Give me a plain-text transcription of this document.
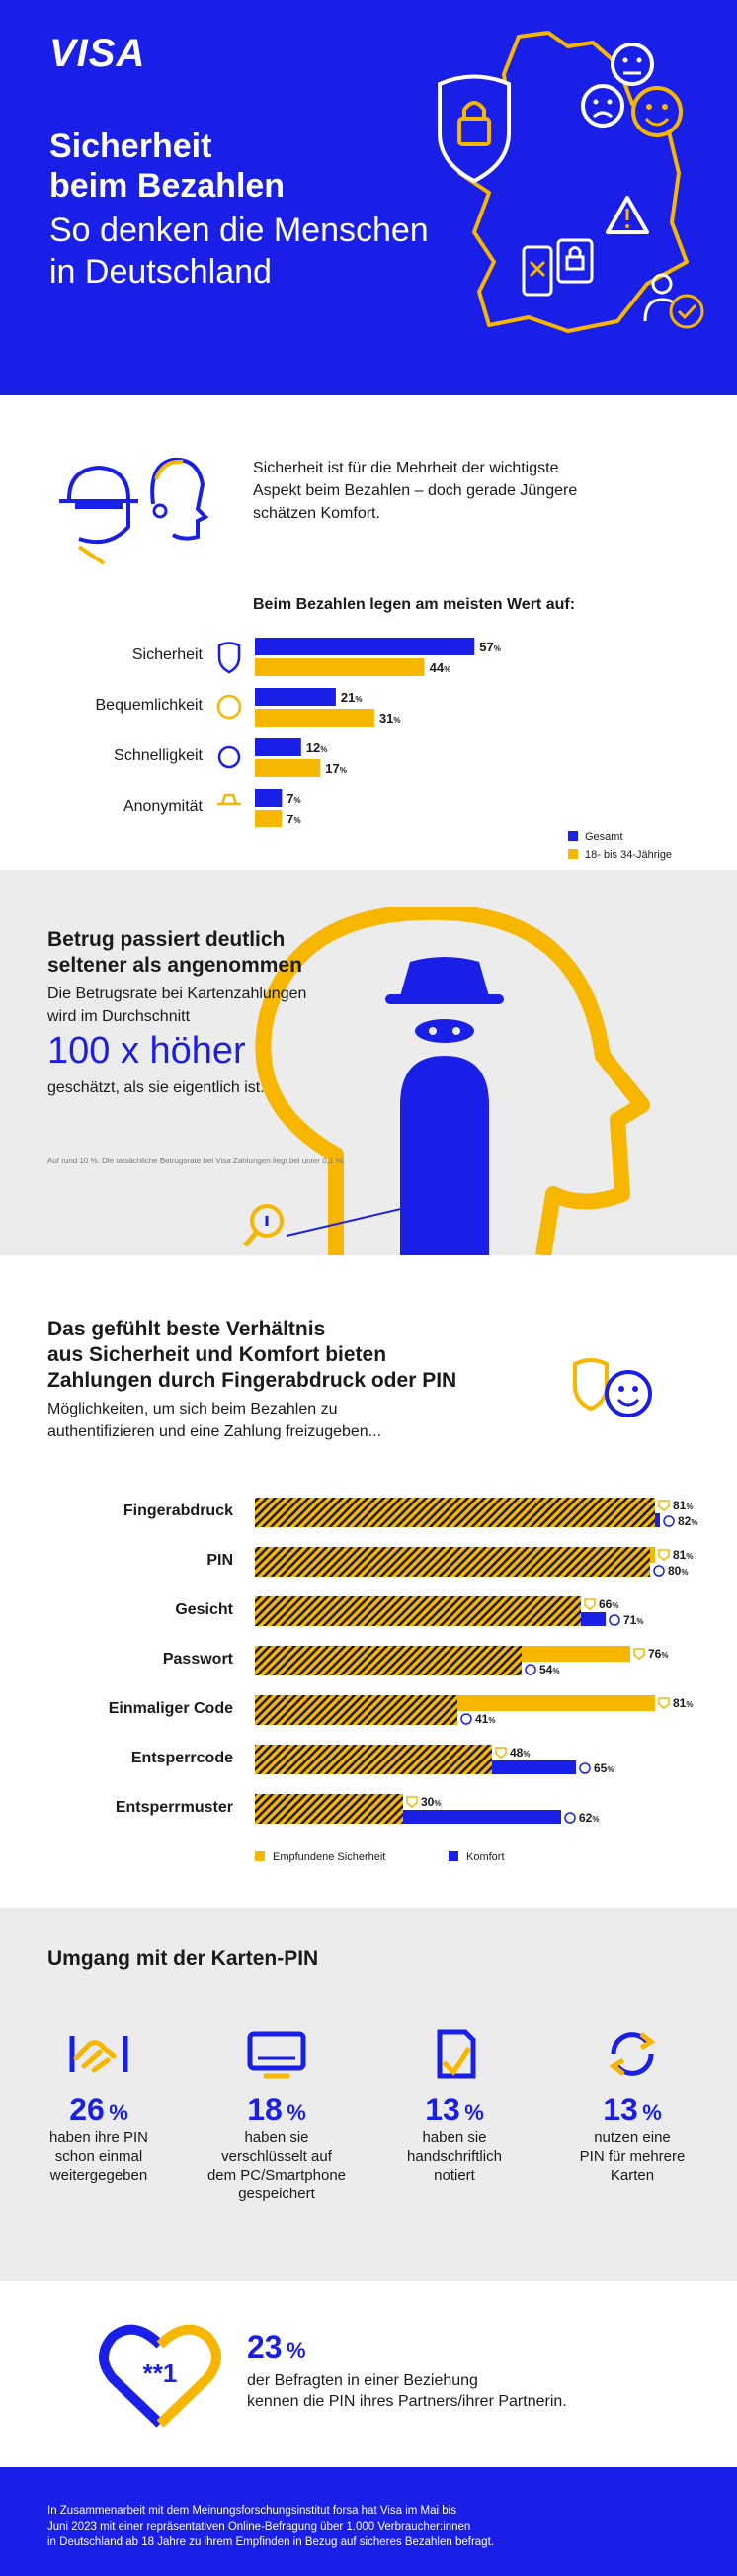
VISA
Sicherheit
beim Bezahlen
So denken die Menschen
in Deutschland
Sicherheit ist für die Mehrheit der wichtigste
Aspekt beim Bezahlen – doch gerade Jüngere
schätzen Komfort.
Beim Bezahlen legen am meisten Wert auf:
Sicherheit	57%
44%
Bequemlichkeit	21%
31%
Schnelligkeit	12%
17%
Anonymität	7%
7%
Gesamt
18- bis 34-Jährige
Betrug passiert deutlich
seltener als angenommen
Die Betrugsrate bei Kartenzahlungen
wird im Durchschnitt
100 x höher
geschätzt, als sie eigentlich ist.
Auf rund 10 %. Die tatsächliche Betrugsrate bei Visa Zahlungen liegt bei unter 0,1 %.
Das gefühlt beste Verhältnis
aus Sicherheit und Komfort bieten
Zahlungen durch Fingerabdruck oder PIN
Möglichkeiten, um sich beim Bezahlen zu
authentifizieren und eine Zahlung freizugeben...
Fingerabdruck	81%
82%
PIN	81%
80%
Gesicht	66%
71%
Passwort	76%
54%
Einmaliger Code	81%
41%
Entsperrcode	48%
65%
Entsperrmuster	30%
62%
Empfundene Sicherheit	Komfort
Umgang mit der Karten-PIN
26 %
haben ihre PIN
schon einmal
weitergegeben
18 %
haben sie
verschlüsselt auf
dem PC/Smartphone
gespeichert
13 %
haben sie
handschriftlich
notiert
13 %
nutzen eine
PIN für mehrere
Karten
**1
23 %
der Befragten in einer Beziehung
kennen die PIN ihres Partners/ihrer Partnerin.
In Zusammenarbeit mit dem Meinungsforschungsinstitut forsa hat Visa im Mai bis
Juni 2023 mit einer repräsentativen Online-Befragung über 1.000 Verbraucher:innen
in Deutschland ab 18 Jahre zu ihrem Empfinden in Bezug auf sicheres Bezahlen befragt.
